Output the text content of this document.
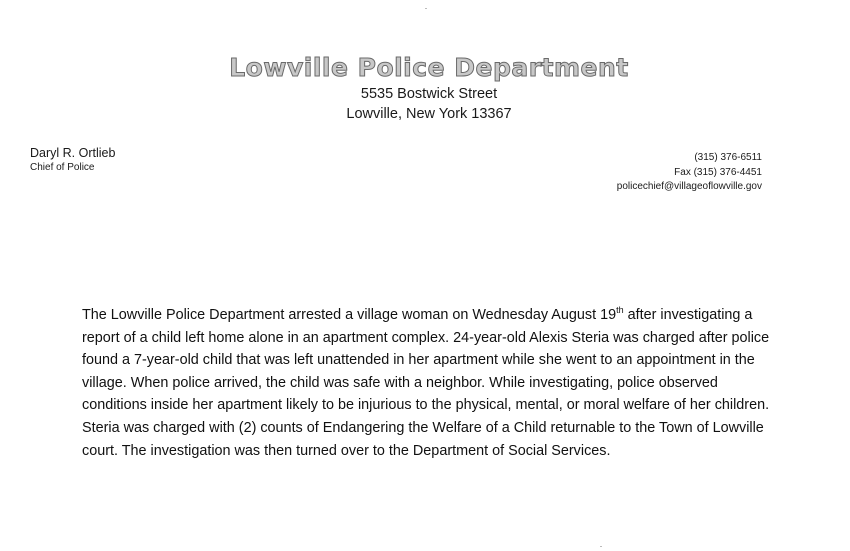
Lowville Police Department
5535 Bostwick Street
Lowville, New York 13367
Daryl R. Ortlieb
Chief of Police
(315) 376-6511
Fax (315) 376-4451
policechief@villageoflowville.gov
The Lowville Police Department arrested a village woman on Wednesday August 19th after investigating a report of a child left home alone in an apartment complex. 24-year-old Alexis Steria was charged after police found a 7-year-old child that was left unattended in her apartment while she went to an appointment in the village. When police arrived, the child was safe with a neighbor. While investigating, police observed conditions inside her apartment likely to be injurious to the physical, mental, or moral welfare of her children. Steria was charged with (2) counts of Endangering the Welfare of a Child returnable to the Town of Lowville court. The investigation was then turned over to the Department of Social Services.
